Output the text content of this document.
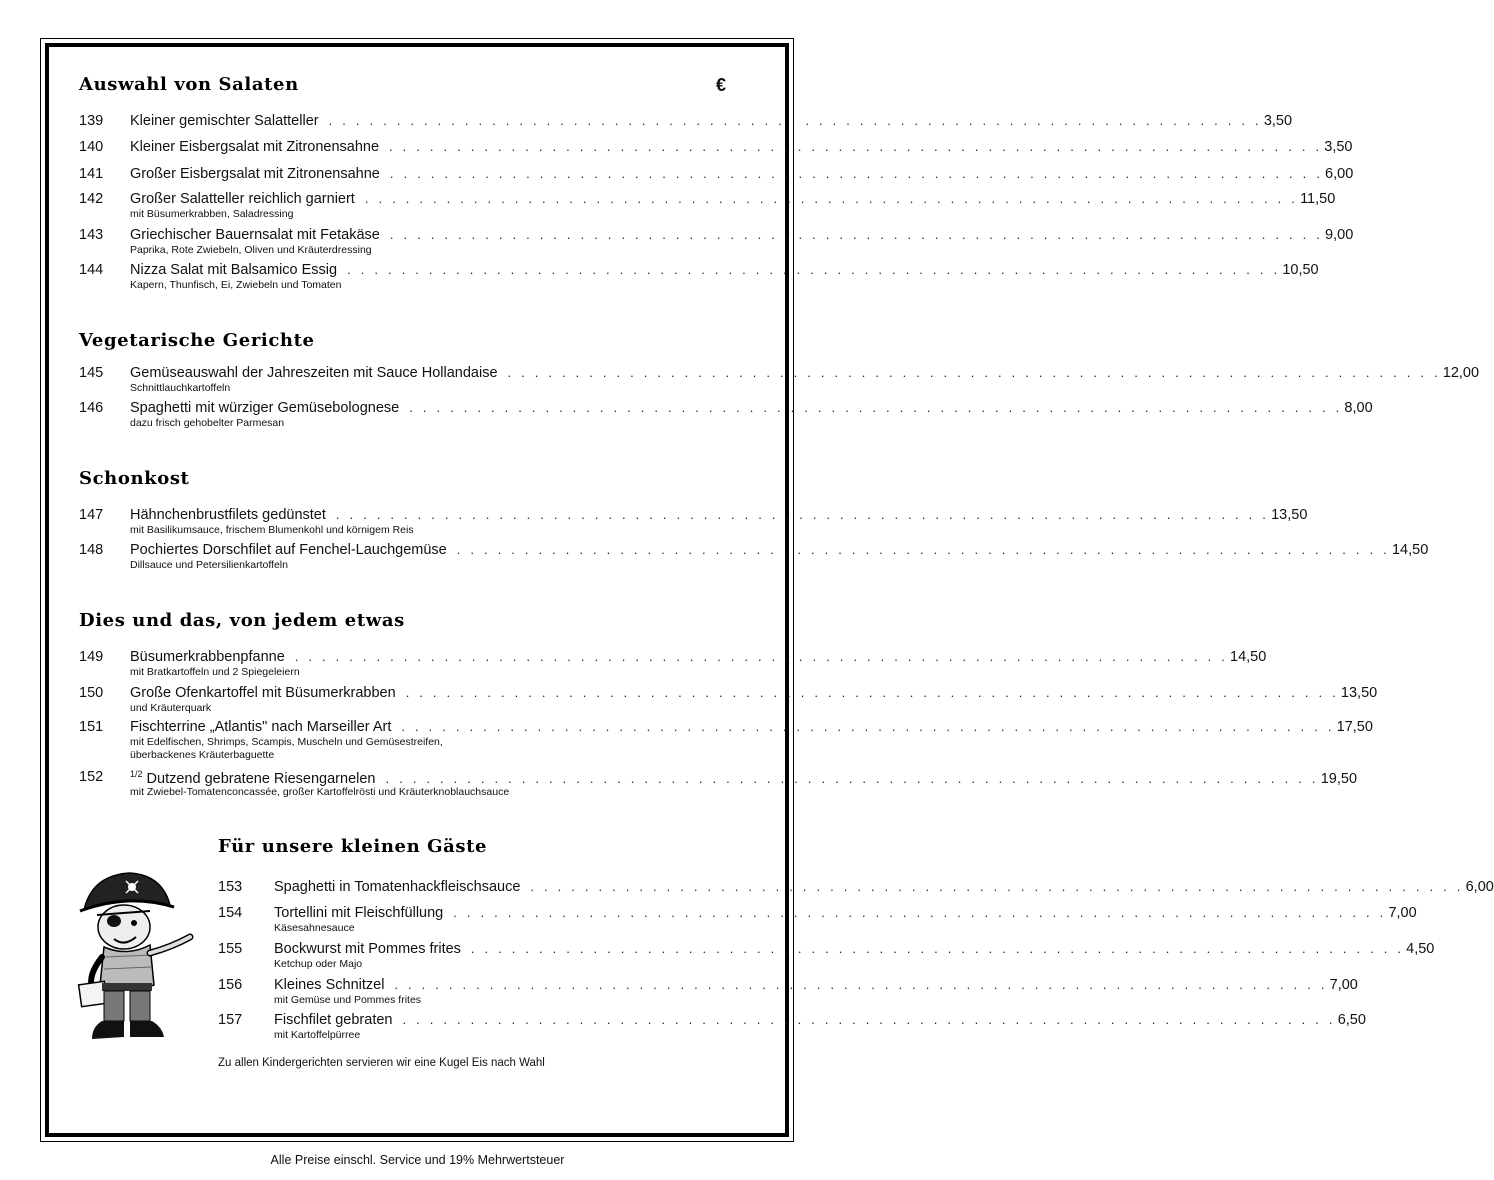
Auswahl von Salaten	€
139 Kleiner gemischter Salatteller . . . . . . . . . . . . . . . . . . . . . . . . . . . . . . . . . . . . . . . . . . . . . . . . . . . . . . . . . . . . . . . . . . . . . 3,50
140 Kleiner Eisbergsalat mit Zitronensahne . . . . . . . . . . . . . . . . . . . . . . . . . . . . . . . . . . . . . . . . . . . . . . . . . . . . . . . . . . . . . . . . . . . . . 3,50
141 Großer Eisbergsalat mit Zitronensahne . . . . . . . . . . . . . . . . . . . . . . . . . . . . . . . . . . . . . . . . . . . . . . . . . . . . . . . . . . . . . . . . . . . . . 6,00
142 Großer Salatteller reichlich garniert . . . . . . . . . . . . . . . . . . . . . . . . . . . . . . . . . . . . . . . . . . . . . . . . . . . . . . . . . . . . . . . . . . . . . 11,50
mit Büsumerkrabben, Saladressing
143 Griechischer Bauernsalat mit Fetakäse . . . . . . . . . . . . . . . . . . . . . . . . . . . . . . . . . . . . . . . . . . . . . . . . . . . . . . . . . . . . . . . . . . . . . 9,00
Paprika, Rote Zwiebeln, Oliven und Kräuterdressing
144 Nizza Salat mit Balsamico Essig . . . . . . . . . . . . . . . . . . . . . . . . . . . . . . . . . . . . . . . . . . . . . . . . . . . . . . . . . . . . . . . . . . . . . 10,50
Kapern, Thunfisch, Ei, Zwiebeln und Tomaten
Vegetarische Gerichte
145 Gemüseauswahl der Jahreszeiten mit Sauce Hollandaise . . . . . . . . . . . . . . . . . . . . . . . . . . . . . . . . . . . . . . . . . . . . . . . . . . . . . . . . . . . . . . . . . . . . . 12,00
Schnittlauchkartoffeln
146 Spaghetti mit würziger Gemüsebolognese . . . . . . . . . . . . . . . . . . . . . . . . . . . . . . . . . . . . . . . . . . . . . . . . . . . . . . . . . . . . . . . . . . . . . 8,00
dazu frisch gehobelter Parmesan
Schonkost
147 Hähnchenbrustfilets gedünstet . . . . . . . . . . . . . . . . . . . . . . . . . . . . . . . . . . . . . . . . . . . . . . . . . . . . . . . . . . . . . . . . . . . . . 13,50
mit Basilikumsauce, frischem Blumenkohl und körnigem Reis
148 Pochiertes Dorschfilet auf Fenchel-Lauchgemüse . . . . . . . . . . . . . . . . . . . . . . . . . . . . . . . . . . . . . . . . . . . . . . . . . . . . . . . . . . . . . . . . . . . . . 14,50
Dillsauce und Petersilienkartoffeln
Dies und das, von jedem etwas
149 Büsumerkrabbenpfanne . . . . . . . . . . . . . . . . . . . . . . . . . . . . . . . . . . . . . . . . . . . . . . . . . . . . . . . . . . . . . . . . . . . . . 14,50
mit Bratkartoffeln und 2 Spiegeleiern
150 Große Ofenkartoffel mit Büsumerkrabben . . . . . . . . . . . . . . . . . . . . . . . . . . . . . . . . . . . . . . . . . . . . . . . . . . . . . . . . . . . . . . . . . . . . . 13,50
und Kräuterquark
151 Fischterrine „Atlantis" nach Marseiller Art . . . . . . . . . . . . . . . . . . . . . . . . . . . . . . . . . . . . . . . . . . . . . . . . . . . . . . . . . . . . . . . . . . . . . 17,50
mit Edelfischen, Shrimps, Scampis, Muscheln und Gemüsestreifen,
überbackenes Kräuterbaguette
152	$^{1/2}$ Dutzend gebratene Riesengarnelen . . . . . . . . . . . . . . . . . . . . . . . . . . . . . . . . . . . . . . . . . . . . . . . . . . . . . . . . . . . . . . . . . . . . . 19,50
mit Zwiebel-Tomatenconcassée, großer Kartoffelrösti und Kräuterknoblauchsauce
Für unsere kleinen Gäste
153 Spaghetti in Tomatenhackfleischsauce . . . . . . . . . . . . . . . . . . . . . . . . . . . . . . . . . . . . . . . . . . . . . . . . . . . . . . . . . . . . . . . . . . . . . 6,00
154 Tortellini mit Fleischfüllung . . . . . . . . . . . . . . . . . . . . . . . . . . . . . . . . . . . . . . . . . . . . . . . . . . . . . . . . . . . . . . . . . . . . . 7,00
Käsesahnesauce
155 Bockwurst mit Pommes frites . . . . . . . . . . . . . . . . . . . . . . . . . . . . . . . . . . . . . . . . . . . . . . . . . . . . . . . . . . . . . . . . . . . . . 4,50
Ketchup oder Majo
156 Kleines Schnitzel . . . . . . . . . . . . . . . . . . . . . . . . . . . . . . . . . . . . . . . . . . . . . . . . . . . . . . . . . . . . . . . . . . . . . 7,00
mit Gemüse und Pommes frites
157 Fischfilet gebraten . . . . . . . . . . . . . . . . . . . . . . . . . . . . . . . . . . . . . . . . . . . . . . . . . . . . . . . . . . . . . . . . . . . . . 6,50
mit Kartoffelpürree
Zu allen Kindergerichten servieren wir eine Kugel Eis nach Wahl
Alle Preise einschl. Service und 19% Mehrwertsteuer
